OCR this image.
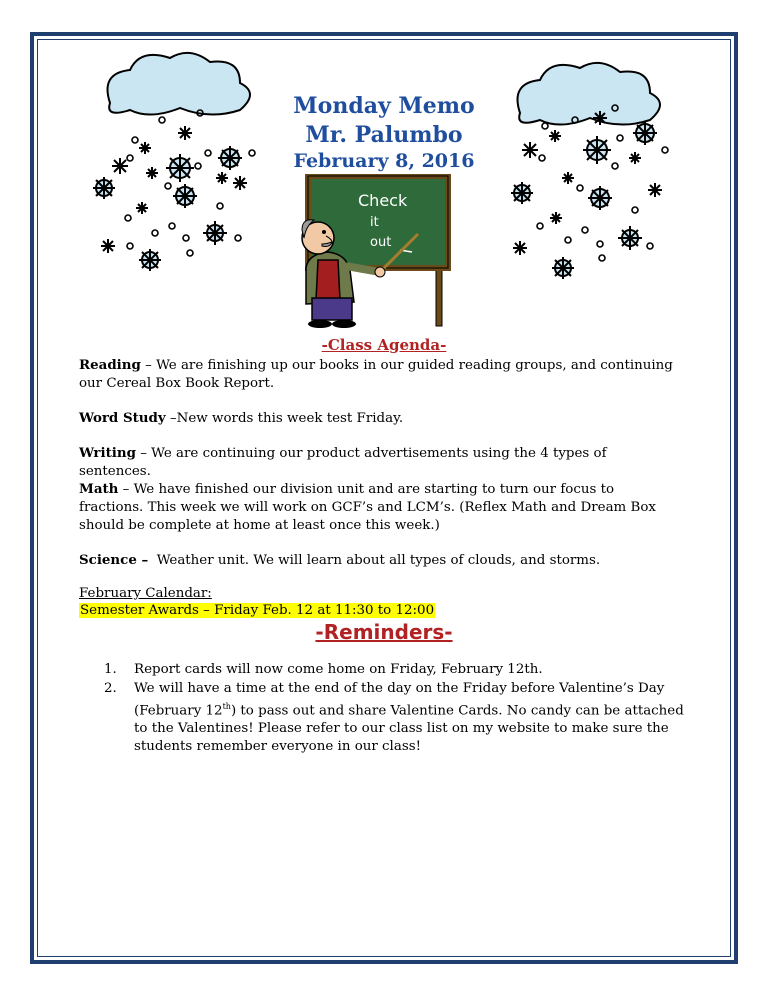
Monday Memo
Mr. Palumbo
February 8, 2016
Check
it
out
-Class Agenda-

Reading – We are finishing up our books in our guided reading groups, and continuing our Cereal Box Book Report.

Word Study –New words this week test Friday.

Writing – We are continuing our product advertisements using the 4 types of sentences.

Math – We have finished our division unit and are starting to turn our focus to fractions. This week we will work on GCF’s and LCM’s. (Reflex Math and Dream Box should be complete at home at least once this week.)

Science – Weather unit. We will learn about all types of clouds, and storms.

February Calendar:

Semester Awards – Friday Feb. 12 at 11:30 to 12:00

-Reminders-
1. Report cards will now come home on Friday, February 12th.
2. We will have a time at the end of the day on the Friday before Valentine’s Day (February 12th) to pass out and share Valentine Cards. No candy can be attached to the Valentines! Please refer to our class list on my website to make sure the students remember everyone in our class!
